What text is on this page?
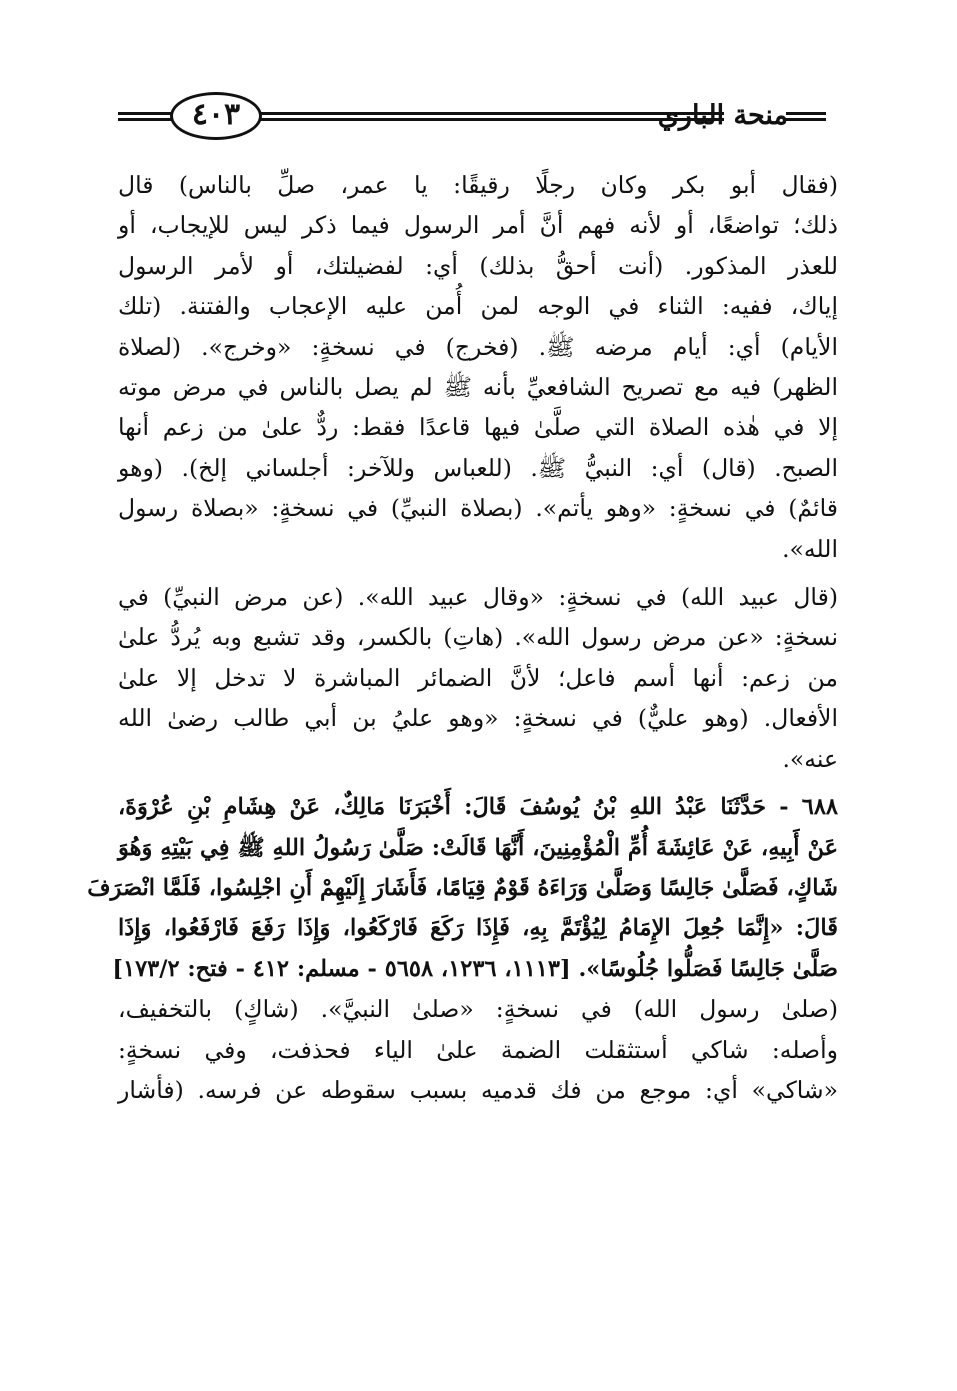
٤٠٣	منحة الباري
(فقال أبو بكر وكان رجلًا رقيقًا: يا عمر، صلِّ بالناس) قال
ذلك؛ تواضعًا، أو لأنه فهم أنَّ أمر الرسول فيما ذكر ليس للإيجاب، أو
للعذر المذكور. (أنت أحقُّ بذلك) أي: لفضيلتك، أو لأمر الرسول
إياك، ففيه: الثناء في الوجه لمن أُمن عليه الإعجاب والفتنة. (تلك
الأيام) أي: أيام مرضه ﷺ. (فخرج) في نسخةٍ: «وخرج». (لصلاة
الظهر) فيه مع تصريح الشافعيِّ بأنه ﷺ لم يصل بالناس في مرض موته
إلا في هٰذه الصلاة التي صلَّىٰ فيها قاعدًا فقط: ردٌّ علىٰ من زعم أنها
الصبح. (قال) أي: النبيُّ ﷺ. (للعباس وللآخر: أجلساني إلخ). (وهو
قائمٌ) في نسخةٍ: «وهو يأتم». (بصلاة النبيِّ) في نسخةٍ: «بصلاة رسول
الله».
(قال عبيد الله) في نسخةٍ: «وقال عبيد الله». (عن مرض النبيِّ) في
نسخةٍ: «عن مرض رسول الله». (هاتِ) بالكسر، وقد تشبع وبه يُردُّ علىٰ
من زعم: أنها أسم فاعل؛ لأنَّ الضمائر المباشرة لا تدخل إلا علىٰ
الأفعال. (وهو عليٌّ) في نسخةٍ: «وهو عليُ بن أبي طالب رضىٰ الله
عنه».
٦٨٨ - حَدَّثَنَا عَبْدُ اللهِ بْنُ يُوسُفَ قَالَ: أَخْبَرَنَا مَالِكٌ، عَنْ هِشَامِ بْنِ عُرْوَةَ،
عَنْ أَبِيهِ، عَنْ عَائِشَةَ أُمِّ الْمُؤْمِنِينَ، أَنَّهَا قَالَتْ: صَلَّىٰ رَسُولُ اللهِ ﷺ فِي بَيْتِهِ وَهُوَ
شَاكٍ، فَصَلَّىٰ جَالِسًا وَصَلَّىٰ وَرَاءَهُ قَوْمٌ قِيَامًا، فَأَشَارَ إِلَيْهِمْ أَنِ اجْلِسُوا، فَلَمَّا انْصَرَفَ
قَالَ: «إِنَّمَا جُعِلَ الإِمَامُ لِيُؤْتَمَّ بِهِ، فَإِذَا رَكَعَ فَارْكَعُوا، وَإِذَا رَفَعَ فَارْفَعُوا، وَإِذَا
صَلَّىٰ جَالِسًا فَصَلُّوا جُلُوسًا». [١١١٣، ١٢٣٦، ٥٦٥٨ - مسلم: ٤١٢ - فتح: ١٧٣/٢]
(صلىٰ رسول الله) في نسخةٍ: «صلىٰ النبيَّ». (شاكٍ) بالتخفيف،
وأصله: شاكي أستثقلت الضمة علىٰ الياء فحذفت، وفي نسخةٍ:
«شاكي» أي: موجع من فك قدميه بسبب سقوطه عن فرسه. (فأشار
